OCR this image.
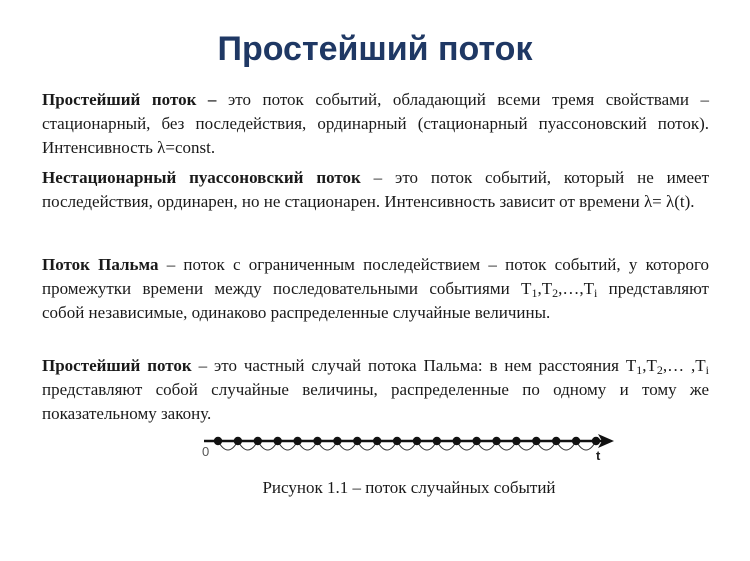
Простейший поток

Простейший поток – это поток событий, обладающий всеми тремя свойствами – стационарный, без последействия, ординарный (стационарный пуассоновский поток). Интенсивность λ=const.

Нестационарный пуассоновский поток – это поток событий, который не имеет последействия, ординарен, но не стационарен. Интенсивность зависит от времени λ= λ(t).

Поток Пальма – поток с ограниченным последействием – поток событий, у которого промежутки времени между последовательными событиями $T_1,T_2,\dots,T_i$ представляют собой независимые, одинаково распределенные случайные величины.

Простейший поток – это частный случай потока Пальма: в нем расстояния $T_1,T_2,\dots$ $,T_i$ представляют собой случайные величины, распределенные по одному и тому же показательному закону.

0	t

Рисунок 1.1 – поток случайных событий
